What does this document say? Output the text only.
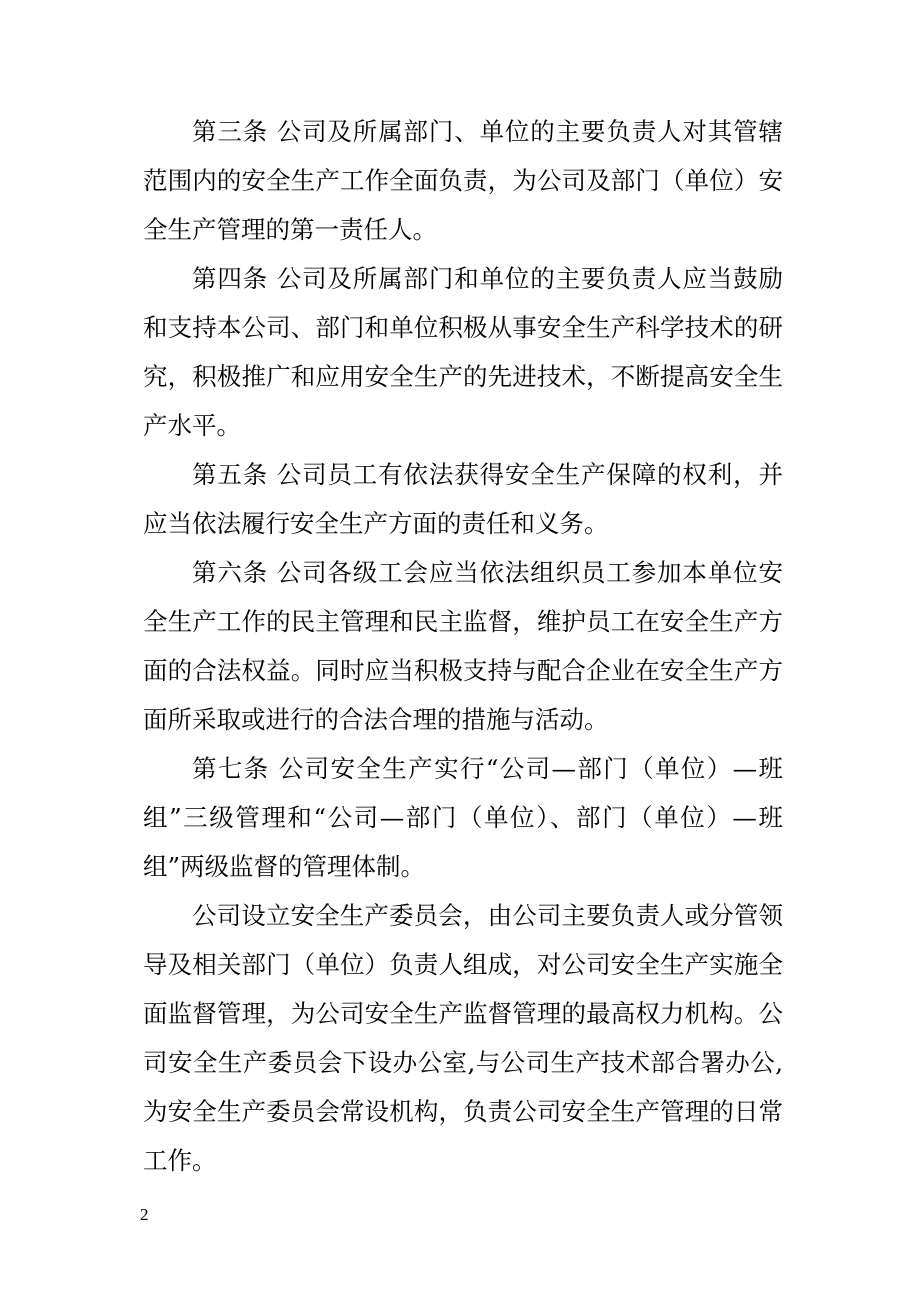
第三条 公司及所属部门、单位的主要负责人对其管辖
范围内的安全生产工作全面负责，为公司及部门（单位）安
全生产管理的第一责任人。
第四条 公司及所属部门和单位的主要负责人应当鼓励
和支持本公司、部门和单位积极从事安全生产科学技术的研
究，积极推广和应用安全生产的先进技术，不断提高安全生
产水平。
第五条 公司员工有依法获得安全生产保障的权利，并
应当依法履行安全生产方面的责任和义务。
第六条 公司各级工会应当依法组织员工参加本单位安
全生产工作的民主管理和民主监督，维护员工在安全生产方
面的合法权益。同时应当积极支持与配合企业在安全生产方
面所采取或进行的合法合理的措施与活动。
第七条 公司安全生产实行“公司—部门（单位）—班
组”三级管理和“公司—部门（单位）、部门（单位）—班
组”两级监督的管理体制。
公司设立安全生产委员会，由公司主要负责人或分管领
导及相关部门（单位）负责人组成，对公司安全生产实施全
面监督管理，为公司安全生产监督管理的最高权力机构。公
司安全生产委员会下设办公室,与公司生产技术部合署办公,
为安全生产委员会常设机构，负责公司安全生产管理的日常
工作。
2
